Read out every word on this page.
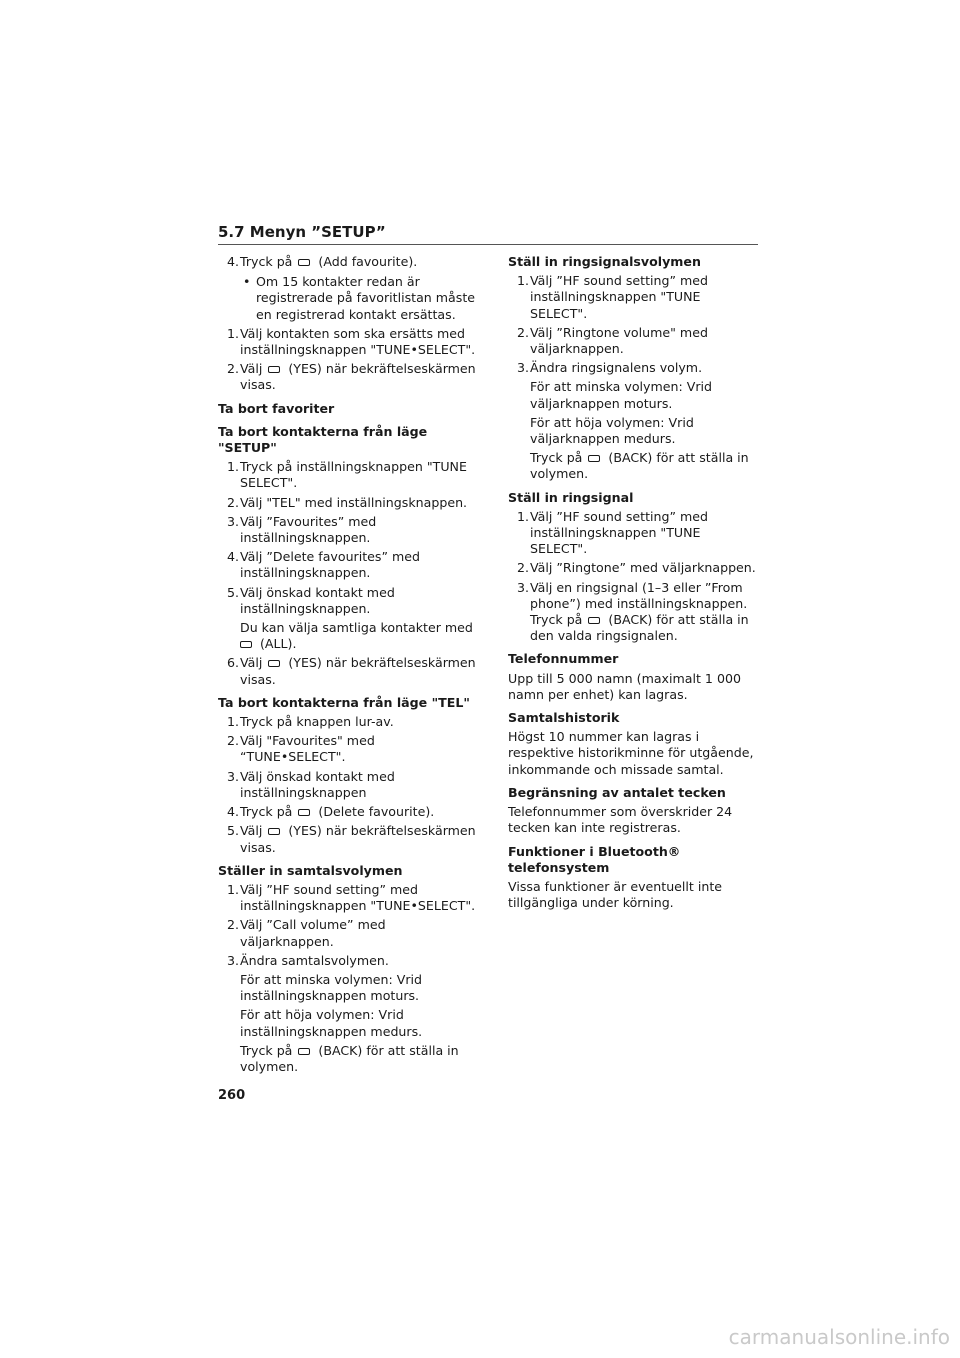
5.7 Menyn ”SETUP”
4. Tryck på (Add favourite).
• Om 15 kontakter redan är registrerade på favoritlistan måste en registrerad kontakt ersättas.
1. Välj kontakten som ska ersätts med inställningsknappen "TUNE•SELECT".
2. Välj (YES) när bekräftelseskärmen visas.

Ta bort favoriter

Ta bort kontakterna från läge "SETUP"

1. Tryck på inställningsknappen "TUNE SELECT".
2. Välj "TEL" med inställningsknappen.
3. Välj ”Favourites” med inställningsknappen.
4. Välj ”Delete favourites” med inställningsknappen.
5. Välj önskad kontakt med inställningsknappen.
Du kan välja samtliga kontakter med
(ALL).
6. Välj (YES) när bekräftelseskärmen visas.

Ta bort kontakterna från läge "TEL"

1. Tryck på knappen lur-av.
2. Välj "Favourites" med “TUNE•SELECT".
3. Välj önskad kontakt med inställningsknappen
4. Tryck på (Delete favourite).
5. Välj (YES) när bekräftelseskärmen visas.

Ställer in samtalsvolymen

1. Välj ”HF sound setting” med inställningsknappen "TUNE•SELECT".
2. Välj ”Call volume” med väljarknappen.
3. Ändra samtalsvolymen.
För att minska volymen: Vrid inställningsknappen moturs.
För att höja volymen: Vrid inställningsknappen medurs.
Tryck på (BACK) för att ställa in volymen.

Ställ in ringsignalsvolymen

1. Välj ”HF sound setting” med inställningsknappen "TUNE SELECT".
2. Välj ”Ringtone volume" med väljarknappen.
3. Ändra ringsignalens volym.
För att minska volymen: Vrid väljarknappen moturs.
För att höja volymen: Vrid väljarknappen medurs.
Tryck på (BACK) för att ställa in volymen.

Ställ in ringsignal

1. Välj ”HF sound setting” med inställningsknappen "TUNE SELECT".
2. Välj ”Ringtone” med väljarknappen.
3. Välj en ringsignal (1–3 eller ”From phone”) med inställningsknappen.
Tryck på (BACK) för att ställa in den valda ringsignalen.

Telefonnummer

Upp till 5 000 namn (maximalt 1 000 namn per enhet) kan lagras.

Samtalshistorik

Högst 10 nummer kan lagras i respektive historikminne för utgående, inkommande och missade samtal.

Begränsning av antalet tecken

Telefonnummer som överskrider 24 tecken kan inte registreras.

Funktioner i Bluetooth® telefonsystem

Vissa funktioner är eventuellt inte tillgängliga under körning.

260
carmanualsonline.info
